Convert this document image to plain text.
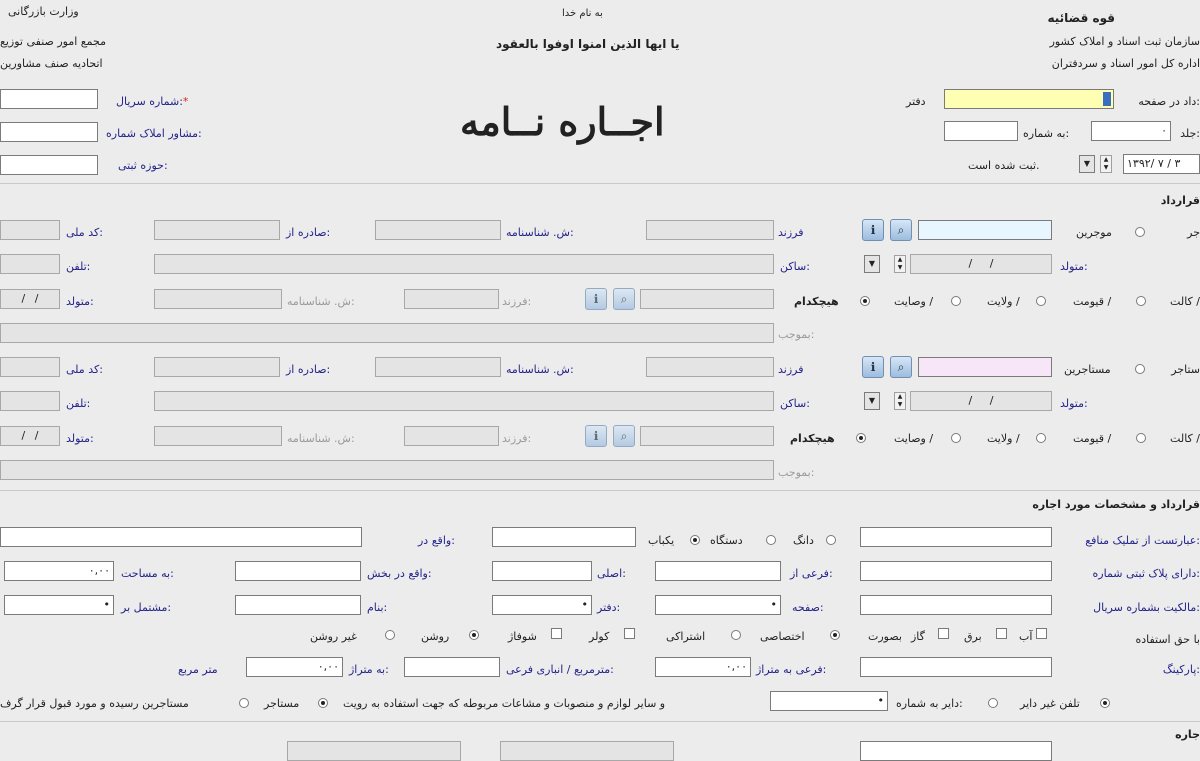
قوه قضائیه
سازمان ثبت اسناد و املاک کشور
اداره کل امور اسناد و سردفتران
به نام خدا
یا ایها الذین امنوا اوفوا بالعقود
وزارت بازرگانی
مجمع امور صنفی توزیع
اتحادیه صنف مشاورین
اجــاره نــامه	داد در صفحه:
دفتر
جلد:
۰
به شماره:
۱۳۹۲/ ۷ / ۳
▲
▼
▼
ثبت شده است.
شماره سریال:*
مشاور املاک شماره:
حوزه ثبتی:
قرارداد
جر
موجرین
⌕
ℹ
فرزند
ش. شناسنامه:
صادره از:
کد ملی:
متولد:
/ /
▲
▼
▼
ساکن:
تلفن:
کالت /
قیومت /
ولایت /
وصایت /
هیچکدام
⌕
ℹ
فرزند:
ش. شناسنامه:
متولد:
/ /
بموجب:
ستاجر
مستاجرین
⌕
ℹ
فرزند
ش. شناسنامه:
صادره از:
کد ملی:
متولد:
/ /
▲
▼
▼
ساکن:
تلفن:
کالت /
قیومت /
ولایت /
وصایت /
هیچکدام
⌕
ℹ
فرزند:
ش. شناسنامه:
متولد:
/ /
بموجب:
قرارداد و مشخصات مورد اجاره
عبارتست از تملیک منافع:
دانگ
دستگاه
یکباب
واقع در:
دارای پلاک ثبتی شماره:
فرعی از:
اصلی:
واقع در بخش:
به مساحت:
۰,۰۰
مالکیت بشماره سریال:
صفحه:
•
دفتر:
•
بنام:
مشتمل بر:
•
با حق استفاده
آب
برق
گاز
بصورت
اختصاصی
اشتراکی
کولر
شوفاژ
روشن
غیر روشن
پارکینگ:
فرعی به متراژ:
۰,۰۰
مترمربع / انباری فرعی:
به متراژ:
۰,۰۰
متر مربع
تلفن غیر دایر
دایر به شماره:
•
و سایر لوازم و منصوبات و مشاعات مربوطه که جهت استفاده به رویت
مستاجر
مستاجرین رسیده و مورد قبول قرار گرف
جاره
